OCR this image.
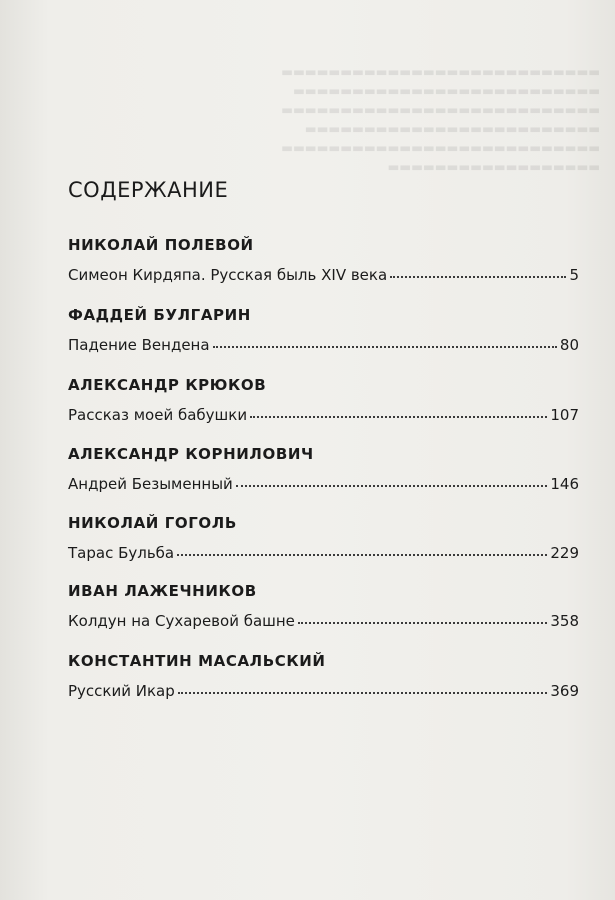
▬▬▬▬▬▬▬▬▬▬▬▬▬▬▬▬▬▬▬▬▬▬▬▬▬▬▬
▬▬▬▬▬▬▬▬▬▬▬▬▬▬▬▬▬▬▬▬▬▬▬▬▬▬
▬▬▬▬▬▬▬▬▬▬▬▬▬▬▬▬▬▬▬▬▬▬▬▬▬▬▬
▬▬▬▬▬▬▬▬▬▬▬▬▬▬▬▬▬▬▬▬▬▬▬▬▬
▬▬▬▬▬▬▬▬▬▬▬▬▬▬▬▬▬▬▬▬▬▬▬▬▬▬▬
▬▬▬▬▬▬▬▬▬▬▬▬▬▬▬▬▬▬
СОДЕРЖАНИЕ
НИКОЛАЙ ПОЛЕВОЙ
Симеон Кирдяпа. Русская быль XIV века	5
ФАДДЕЙ БУЛГАРИН
Падение Вендена	80
АЛЕКСАНДР КРЮКОВ
Рассказ моей бабушки	107
АЛЕКСАНДР КОРНИЛОВИЧ
Андрей Безыменный	146
НИКОЛАЙ ГОГОЛЬ
Тарас Бульба	229
ИВАН ЛАЖЕЧНИКОВ
Колдун на Сухаревой башне	358
КОНСТАНТИН МАСАЛЬСКИЙ
Русский Икар	369
